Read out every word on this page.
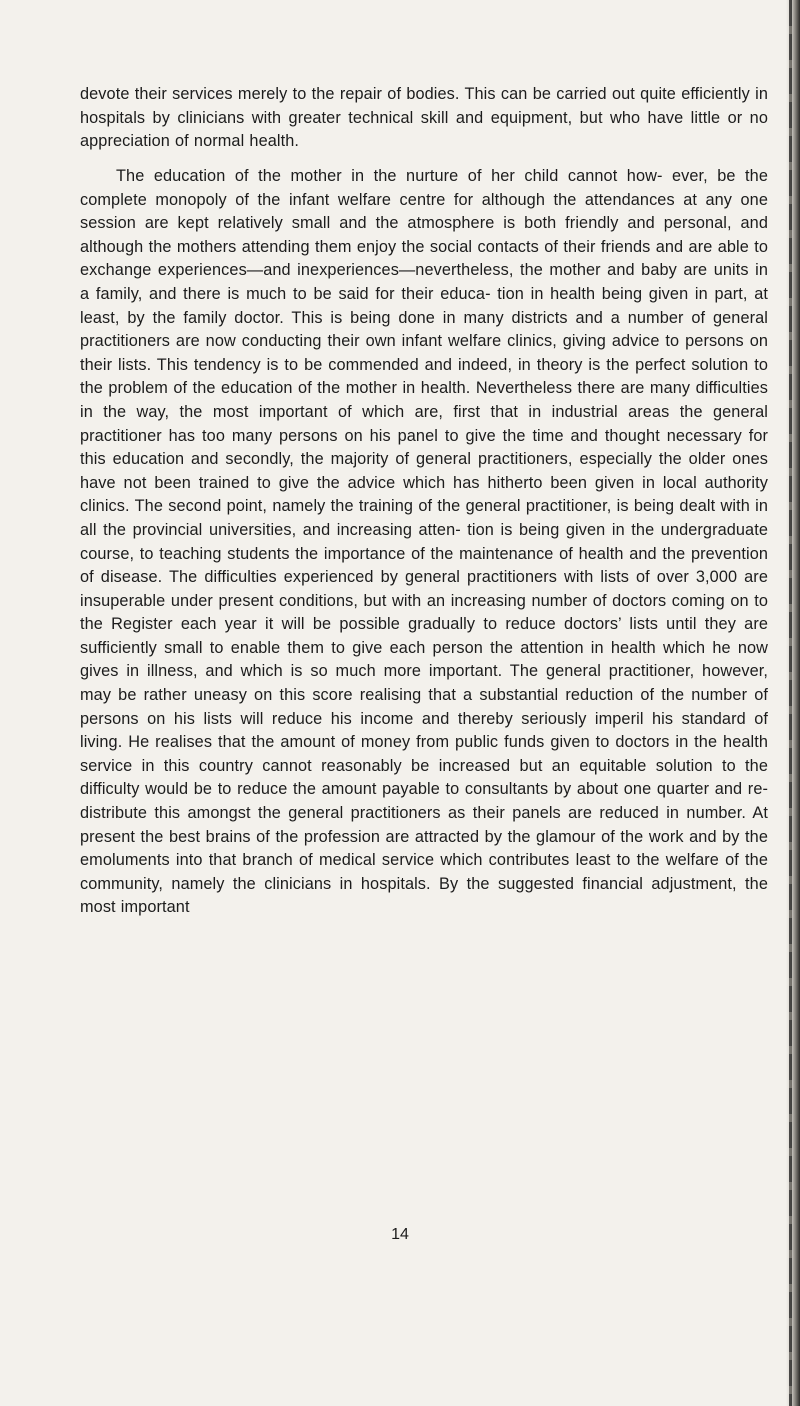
devote their services merely to the repair of bodies. This can be carried out quite efficiently in hospitals by clinicians with greater technical skill and equipment, but who have little or no appreciation of normal health.

The education of the mother in the nurture of her child cannot how- ever, be the complete monopoly of the infant welfare centre for although the attendances at any one session are kept relatively small and the atmosphere is both friendly and personal, and although the mothers attending them enjoy the social contacts of their friends and are able to exchange experiences—and inexperiences—nevertheless, the mother and baby are units in a family, and there is much to be said for their educa- tion in health being given in part, at least, by the family doctor. This is being done in many districts and a number of general practitioners are now conducting their own infant welfare clinics, giving advice to persons on their lists. This tendency is to be commended and indeed, in theory is the perfect solution to the problem of the education of the mother in health. Nevertheless there are many difficulties in the way, the most important of which are, first that in industrial areas the general practitioner has too many persons on his panel to give the time and thought necessary for this education and secondly, the majority of general practitioners, especially the older ones have not been trained to give the advice which has hitherto been given in local authority clinics. The second point, namely the training of the general practitioner, is being dealt with in all the provincial universities, and increasing atten- tion is being given in the undergraduate course, to teaching students the importance of the maintenance of health and the prevention of disease. The difficulties experienced by general practitioners with lists of over 3,000 are insuperable under present conditions, but with an increasing number of doctors coming on to the Register each year it will be possible gradually to reduce doctors’ lists until they are sufficiently small to enable them to give each person the attention in health which he now gives in illness, and which is so much more important. The general practitioner, however, may be rather uneasy on this score realising that a substantial reduction of the number of persons on his lists will reduce his income and thereby seriously imperil his standard of living. He realises that the amount of money from public funds given to doctors in the health service in this country cannot reasonably be increased but an equitable solution to the difficulty would be to reduce the amount payable to consultants by about one quarter and re-distribute this amongst the general practitioners as their panels are reduced in number. At present the best brains of the profession are attracted by the glamour of the work and by the emoluments into that branch of medical service which contributes least to the welfare of the community, namely the clinicians in hospitals. By the suggested financial adjustment, the most important

14
